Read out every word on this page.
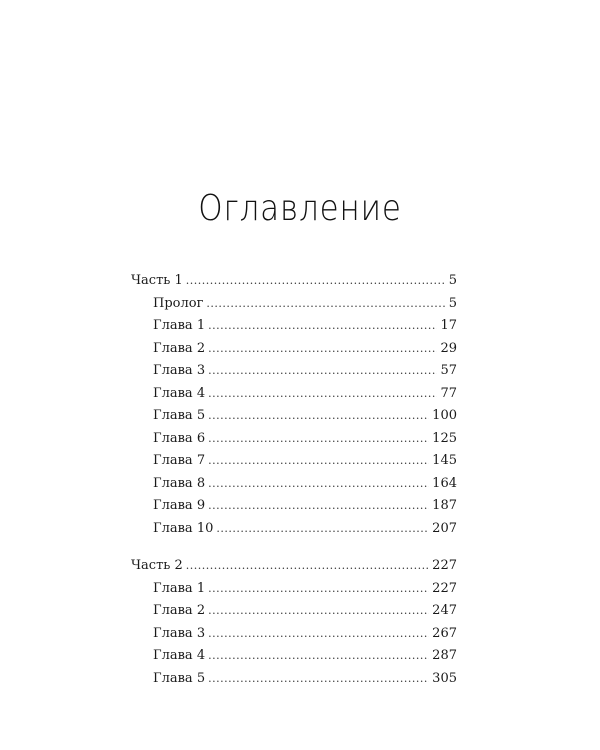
Оглавление
Часть 1 .....	5
Пролог .....	5
Глава 1 .....	17
Глава 2 .....	29
Глава 3 .....	57
Глава 4 .....	77
Глава 5 .....	100
Глава 6 .....	125
Глава 7 .....	145
Глава 8 .....	164
Глава 9 .....	187
Глава 10 .....	207
Часть 2 .....	227
Глава 1 .....	227
Глава 2 .....	247
Глава 3 .....	267
Глава 4 .....	287
Глава 5 .....	305
